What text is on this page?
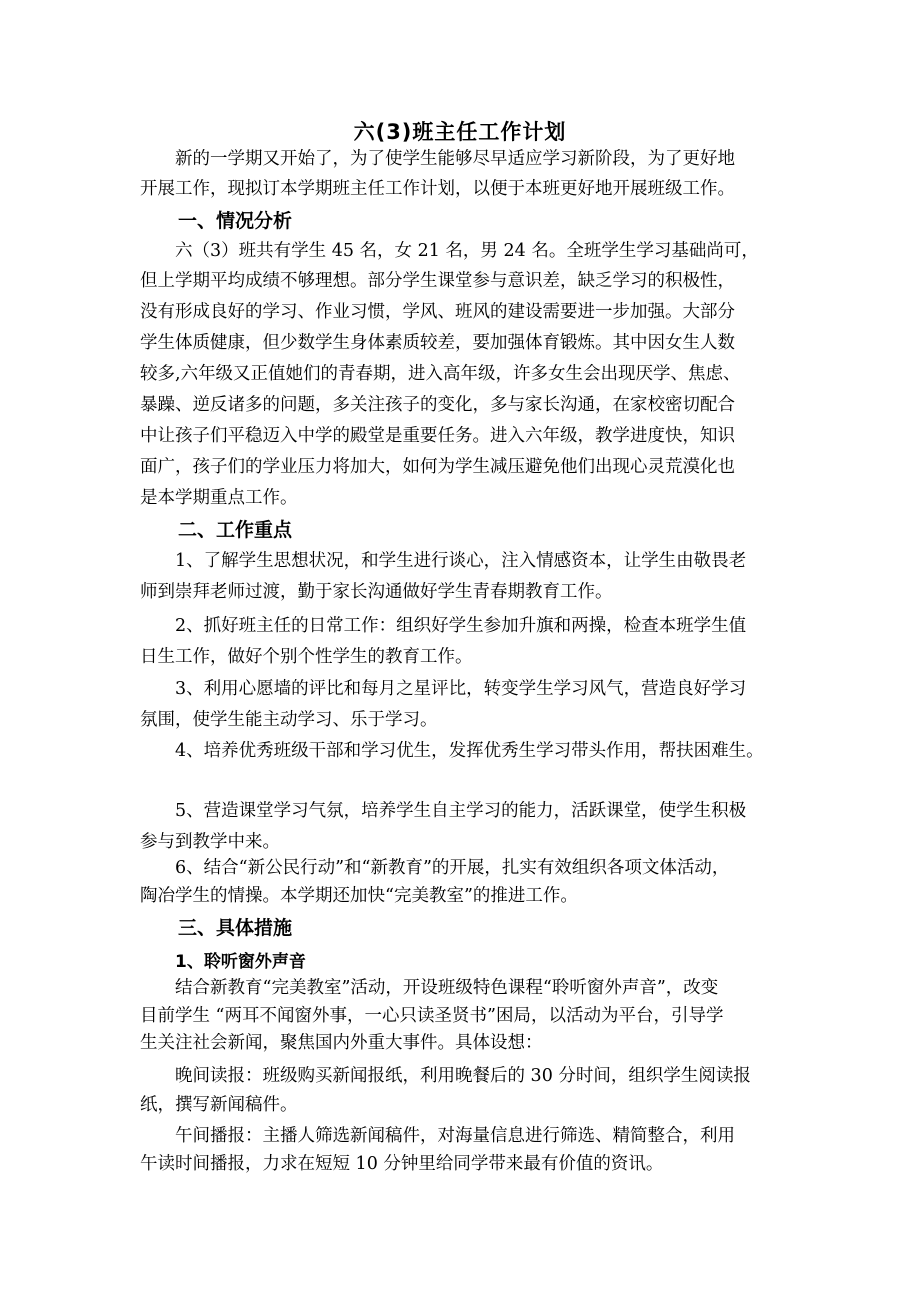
六(3)班主任工作计划
新的一学期又开始了，为了使学生能够尽早适应学习新阶段，为了更好地
开展工作，现拟订本学期班主任工作计划，以便于本班更好地开展班级工作。
一、情况分析
六（3）班共有学生 45 名，女 21 名，男 24 名。全班学生学习基础尚可，
但上学期平均成绩不够理想。部分学生课堂参与意识差，缺乏学习的积极性，
没有形成良好的学习、作业习惯，学风、班风的建设需要进一步加强。大部分
学生体质健康，但少数学生身体素质较差，要加强体育锻炼。其中因女生人数
较多,六年级又正值她们的青春期，进入高年级，许多女生会出现厌学、焦虑、
暴躁、逆反诸多的问题，多关注孩子的变化，多与家长沟通，在家校密切配合
中让孩子们平稳迈入中学的殿堂是重要任务。进入六年级，教学进度快，知识
面广，孩子们的学业压力将加大，如何为学生减压避免他们出现心灵荒漠化也
是本学期重点工作。
二、工作重点
1、了解学生思想状况，和学生进行谈心，注入情感资本，让学生由敬畏老
师到崇拜老师过渡，勤于家长沟通做好学生青春期教育工作。
2、抓好班主任的日常工作：组织好学生参加升旗和两操，检查本班学生值
日生工作，做好个别个性学生的教育工作。
3、利用心愿墙的评比和每月之星评比，转变学生学习风气，营造良好学习
氛围，使学生能主动学习、乐于学习。
4、培养优秀班级干部和学习优生，发挥优秀生学习带头作用，帮扶困难生。
5、营造课堂学习气氛，培养学生自主学习的能力，活跃课堂，使学生积极
参与到教学中来。
6、结合“新公民行动”和“新教育”的开展，扎实有效组织各项文体活动，
陶冶学生的情操。本学期还加快“完美教室”的推进工作。
三、具体措施
1、聆听窗外声音
结合新教育“完美教室”活动，开设班级特色课程“聆听窗外声音”，改变
目前学生 “两耳不闻窗外事，一心只读圣贤书”困局，以活动为平台，引导学
生关注社会新闻，聚焦国内外重大事件。具体设想：
晚间读报：班级购买新闻报纸，利用晚餐后的 30 分时间，组织学生阅读报
纸，撰写新闻稿件。
午间播报：主播人筛选新闻稿件，对海量信息进行筛选、精简整合，利用
午读时间播报，力求在短短 10 分钟里给同学带来最有价值的资讯。
